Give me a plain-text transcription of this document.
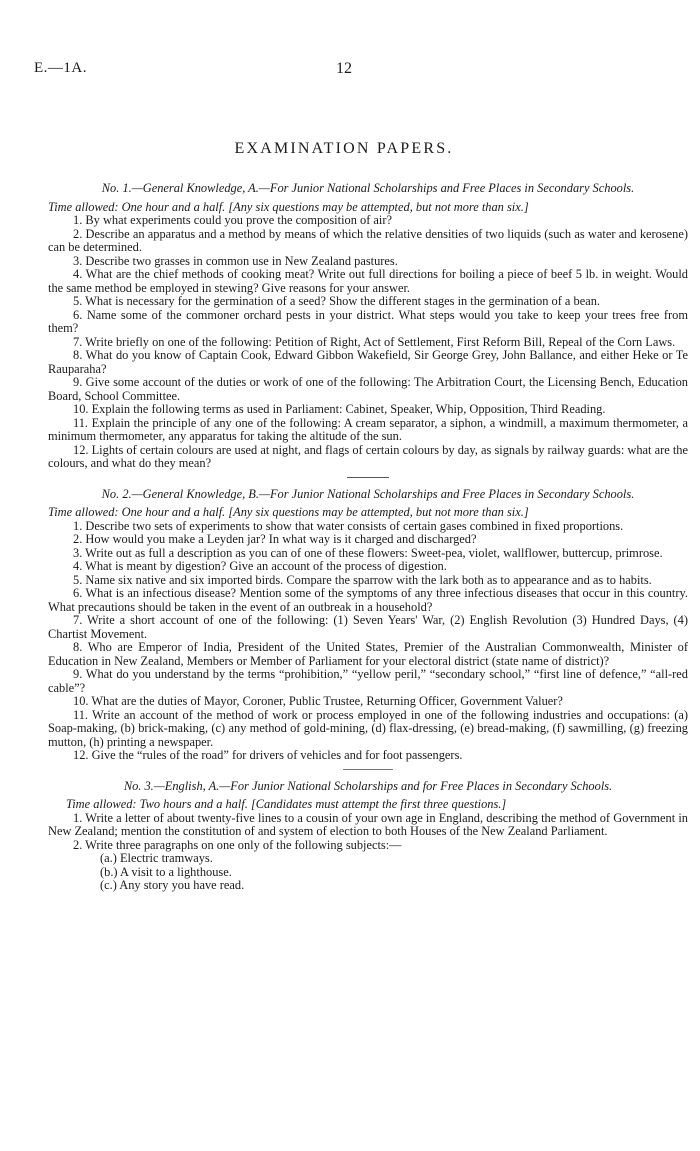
E.—1A.	12
EXAMINATION PAPERS.

No. 1.—General Knowledge, A.—For Junior National Scholarships and Free Places in Secondary Schools.

Time allowed: One hour and a half. [Any six questions may be attempted, but not more than six.]

1. By what experiments could you prove the composition of air?

2. Describe an apparatus and a method by means of which the relative densities of two liquids (such as water and kerosene) can be determined.

3. Describe two grasses in common use in New Zealand pastures.

4. What are the chief methods of cooking meat? Write out full directions for boiling a piece of beef 5 lb. in weight. Would the same method be employed in stewing? Give reasons for your answer.

5. What is necessary for the germination of a seed? Show the different stages in the germination of a bean.

6. Name some of the commoner orchard pests in your district. What steps would you take to keep your trees free from them?

7. Write briefly on one of the following: Petition of Right, Act of Settlement, First Reform Bill, Repeal of the Corn Laws.

8. What do you know of Captain Cook, Edward Gibbon Wakefield, Sir George Grey, John Ballance, and either Heke or Te Rauparaha?

9. Give some account of the duties or work of one of the following: The Arbitration Court, the Licensing Bench, Education Board, School Committee.

10. Explain the following terms as used in Parliament: Cabinet, Speaker, Whip, Opposition, Third Reading.

11. Explain the principle of any one of the following: A cream separator, a siphon, a windmill, a maximum thermometer, a minimum thermometer, any apparatus for taking the altitude of the sun.

12. Lights of certain colours are used at night, and flags of certain colours by day, as signals by railway guards: what are the colours, and what do they mean?

No. 2.—General Knowledge, B.—For Junior National Scholarships and Free Places in Secondary Schools.

Time allowed: One hour and a half. [Any six questions may be attempted, but not more than six.]

1. Describe two sets of experiments to show that water consists of certain gases combined in fixed proportions.

2. How would you make a Leyden jar? In what way is it charged and discharged?

3. Write out as full a description as you can of one of these flowers: Sweet-pea, violet, wallflower, buttercup, primrose.

4. What is meant by digestion? Give an account of the process of digestion.

5. Name six native and six imported birds. Compare the sparrow with the lark both as to appearance and as to habits.

6. What is an infectious disease? Mention some of the symptoms of any three infectious diseases that occur in this country. What precautions should be taken in the event of an outbreak in a household?

7. Write a short account of one of the following: (1) Seven Years' War, (2) English Revolution (3) Hundred Days, (4) Chartist Movement.

8. Who are Emperor of India, President of the United States, Premier of the Australian Commonwealth, Minister of Education in New Zealand, Members or Member of Parliament for your electoral district (state name of district)?

9. What do you understand by the terms “prohibition,” “yellow peril,” “secondary school,” “first line of defence,” “all-red cable”?

10. What are the duties of Mayor, Coroner, Public Trustee, Returning Officer, Government Valuer?

11. Write an account of the method of work or process employed in one of the following industries and occupations: (a) Soap-making, (b) brick-making, (c) any method of gold-mining, (d) flax-dressing, (e) bread-making, (f) sawmilling, (g) freezing mutton, (h) printing a newspaper.

12. Give the “rules of the road” for drivers of vehicles and for foot passengers.

No. 3.—English, A.—For Junior National Scholarships and for Free Places in Secondary Schools.

Time allowed: Two hours and a half. [Candidates must attempt the first three questions.]

1. Write a letter of about twenty-five lines to a cousin of your own age in England, describing the method of Government in New Zealand; mention the constitution of and system of election to both Houses of the New Zealand Parliament.

2. Write three paragraphs on one only of the following subjects:—

(a.) Electric tramways.

(b.) A visit to a lighthouse.

(c.) Any story you have read.
